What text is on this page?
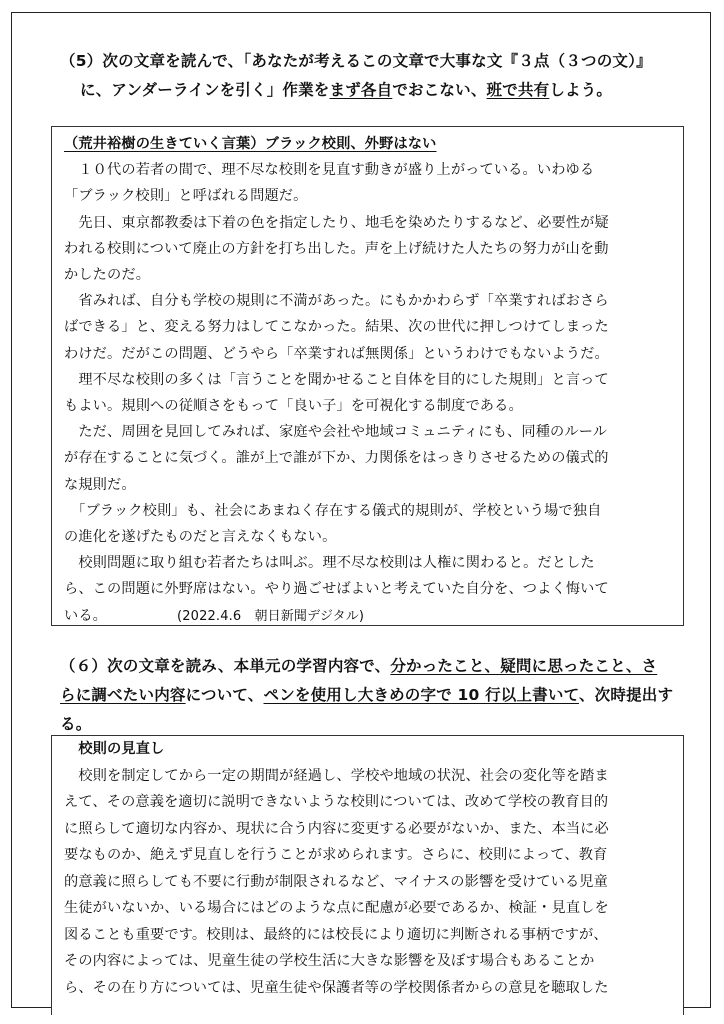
（5）次の文章を読んで、「あなたが考えるこの文章で大事な文『３点（３つの文）』
に、アンダーラインを引く」作業をまず各自でおこない、班で共有しよう。
（荒井裕樹の生きていく言葉）ブラック校則、外野はない
　１０代の若者の間で、理不尽な校則を見直す動きが盛り上がっている。いわゆる
「ブラック校則」と呼ばれる問題だ。
　先日、東京都教委は下着の色を指定したり、地毛を染めたりするなど、必要性が疑
われる校則について廃止の方針を打ち出した。声を上げ続けた人たちの努力が山を動
かしたのだ。
　省みれば、自分も学校の規則に不満があった。にもかかわらず「卒業すればおさら
ばできる」と、変える努力はしてこなかった。結果、次の世代に押しつけてしまった
わけだ。だがこの問題、どうやら「卒業すれば無関係」というわけでもないようだ。
　理不尽な校則の多くは「言うことを聞かせること自体を目的にした規則」と言って
もよい。規則への従順さをもって「良い子」を可視化する制度である。
　ただ、周囲を見回してみれば、家庭や会社や地域コミュニティにも、同種のルール
が存在することに気づく。誰が上で誰が下か、力関係をはっきりさせるための儀式的
な規則だ。
　「ブラック校則」も、社会にあまねく存在する儀式的規則が、学校という場で独自
の進化を遂げたものだと言えなくもない。
　校則問題に取り組む若者たちは叫ぶ。理不尽な校則は人権に関わると。だとした
ら、この問題に外野席はない。やり過ごせばよいと考えていた自分を、つよく悔いて
いる。	(2022.4.6　朝日新聞デジタル)
（６）次の文章を読み、本単元の学習内容で、分かったこと、疑問に思ったこと、さ
らに調べたい内容について、ペンを使用し大きめの字で 10 行以上書いて、次時提出す
る。
　校則の見直し
　校則を制定してから一定の期間が経過し、学校や地域の状況、社会の変化等を踏ま
えて、その意義を適切に説明できないような校則については、改めて学校の教育目的
に照らして適切な内容か、現状に合う内容に変更する必要がないか、また、本当に必
要なものか、絶えず見直しを行うことが求められます。さらに、校則によって、教育
的意義に照らしても不要に行動が制限されるなど、マイナスの影響を受けている児童
生徒がいないか、いる場合にはどのような点に配慮が必要であるか、検証・見直しを
図ることも重要です。校則は、最終的には校長により適切に判断される事柄ですが、
その内容によっては、児童生徒の学校生活に大きな影響を及ぼす場合もあることか
ら、その在り方については、児童生徒や保護者等の学校関係者からの意見を聴取した
